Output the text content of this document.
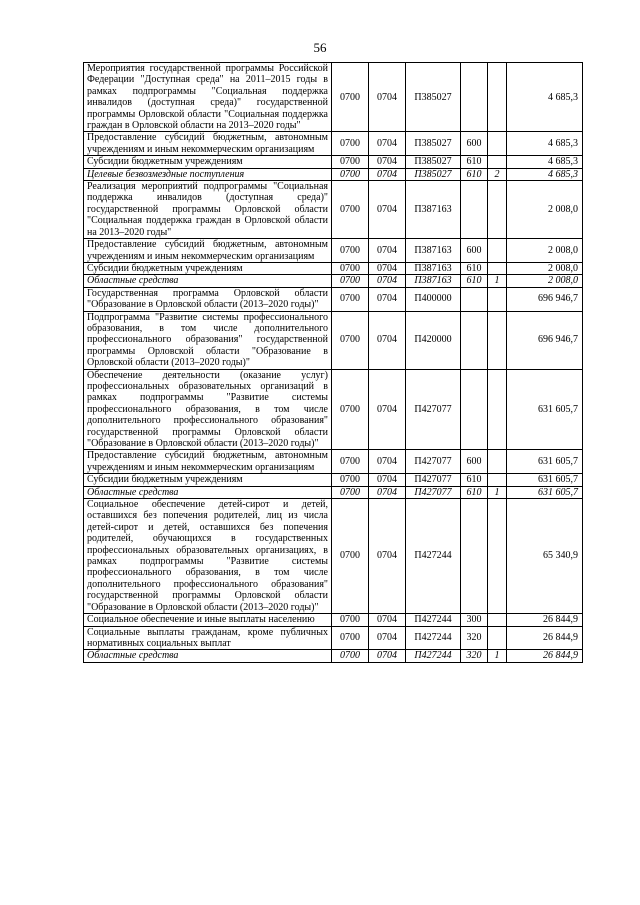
56
Мероприятия государственной программы Российской Федерации "Доступная среда" на 2011–2015 годы в рамках подпрограммы "Социальная поддержка инвалидов (доступная среда)" государственной программы Орловской области "Социальная поддержка граждан в Орловской области на 2013–2020 годы"	0700	0704	П385027			4 685,3
Предоставление субсидий бюджетным, автономным учреждениям и иным некоммерческим организациям	0700	0704	П385027	600		4 685,3
Субсидии бюджетным учреждениям	0700	0704	П385027	610		4 685,3
Целевые безвозмездные поступления	0700	0704	П385027	610	2	4 685,3
Реализация мероприятий подпрограммы "Социальная поддержка инвалидов (доступная среда)" государственной программы Орловской области "Социальная поддержка граждан в Орловской области на 2013–2020 годы"	0700	0704	П387163			2 008,0
Предоставление субсидий бюджетным, автономным учреждениям и иным некоммерческим организациям	0700	0704	П387163	600		2 008,0
Субсидии бюджетным учреждениям	0700	0704	П387163	610		2 008,0
Областные средства	0700	0704	П387163	610	1	2 008,0
Государственная программа Орловской области "Образование в Орловской области (2013–2020 годы)"	0700	0704	П400000			696 946,7
Подпрограмма "Развитие системы профессионального образования, в том числе дополнительного профессионального образования" государственной программы Орловской области "Образование в Орловской области (2013–2020 годы)"	0700	0704	П420000			696 946,7
Обеспечение деятельности (оказание услуг) профессиональных образовательных организаций в рамках подпрограммы "Развитие системы профессионального образования, в том числе дополнительного профессионального образования" государственной программы Орловской области "Образование в Орловской области (2013–2020 годы)"	0700	0704	П427077			631 605,7
Предоставление субсидий бюджетным, автономным учреждениям и иным некоммерческим организациям	0700	0704	П427077	600		631 605,7
Субсидии бюджетным учреждениям	0700	0704	П427077	610		631 605,7
Областные средства	0700	0704	П427077	610	1	631 605,7
Социальное обеспечение детей-сирот и детей, оставшихся без попечения родителей, лиц из числа детей-сирот и детей, оставшихся без попечения родителей, обучающихся в государственных профессиональных образовательных организациях, в рамках подпрограммы "Развитие системы профессионального образования, в том числе дополнительного профессионального образования" государственной программы Орловской области "Образование в Орловской области (2013–2020 годы)"	0700	0704	П427244			65 340,9
Социальное обеспечение и иные выплаты населению	0700	0704	П427244	300		26 844,9
Социальные выплаты гражданам, кроме публичных нормативных социальных выплат	0700	0704	П427244	320		26 844,9
Областные средства	0700	0704	П427244	320	1	26 844,9
